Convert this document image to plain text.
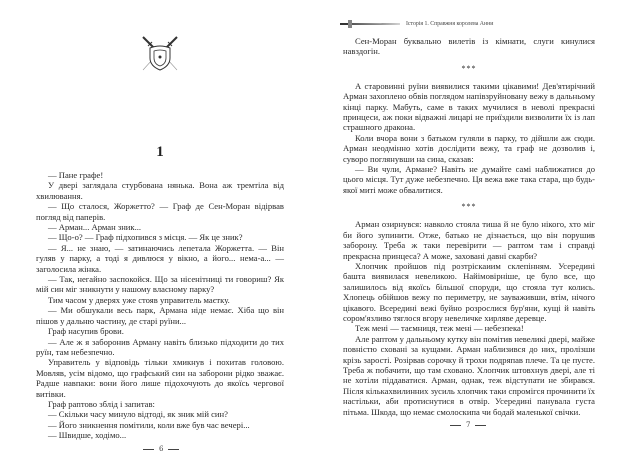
1

— Пане графе!

У двері заглядала стурбована нянька. Вона аж тремтіла від хвилювання.

— Що сталося, Жоржетто? — Граф де Сен-Моран відірвав погляд від паперів.

— Арман... Арман зник...

— Що-о? — Граф підхопився з місця. — Як це зник?

— Я... не знаю, — затинаючись лепетала Жоржетта. — Він гуляв у парку, а тоді я дивлюся у вікно, а його... нема-а... — заголосила жінка.

— Так, негайно заспокойся. Що за нісенітниці ти говориш? Як мій син міг зникнути у нашому власному парку?

Тим часом у дверях уже стояв управитель маєтку.

— Ми обшукали весь парк, Армана ніде немає. Хіба що він пішов у дальню частину, де старі руїни...

Граф насупив брови.

— Але ж я заборонив Арману навіть близько підходити до тих руїн, там небезпечно.

Управитель у відповідь тільки хмикнув і похитав головою. Мовляв, усім відомо, що графський син на заборони рідко зважає. Радше навпаки: вони його лише підохочують до якоїсь чергової витівки.

Граф раптово зблід і запитав:

— Скільки часу минуло відтоді, як зник мій син?

— Його зникнення помітили, коли вже був час вечері...

— Швидше, ходімо...

6
Історія 1. Справжня королева Анни

Сен-Моран буквально вилетів із кімнати, слуги кинулися навздогін.

***

А старовинні руїни виявилися такими цікавими! Дев'ятирічний Арман захоплено обвів поглядом напівзруйновану вежу в дальньому кінці парку. Мабуть, саме в таких мучилися в неволі прекрасні принцеси, аж поки відважні лицарі не приїздили визволити їх із лап страшного дракона.

Коли вчора вони з батьком гуляли в парку, то дійшли аж сюди. Арман неодмінно хотів дослідити вежу, та граф не дозволив і, суворо поглянувши на сина, сказав:

— Ви чули, Армане? Навіть не думайте самі наближатися до цього місця. Тут дуже небезпечно. Ця вежа вже така стара, що будь-якої миті може обвалитися.

***

Арман озирнувся: навколо стояла тиша й не було нікого, хто міг би його зупинити. Отже, батько не дізнається, що він порушив заборону. Треба ж таки перевірити — раптом там і справді прекрасна принцеса? А може, заховані давні скарби?

Хлопчик пройшов під розтріскаиим склепінням. Усередині башта виявилася невеликою. Найімовірніше, це було все, що залишилось від якоїсь більшої споруди, що стояла тут колись. Хлопець обійшов вежу по периметру, не зауваживши, втім, нічого цікавого. Всередині вежі буйно розрослися бур'яни, кущі й навіть сором'язливо тяглося вгору невеличке хирляве деревце.

Теж мені — таємниця, теж мені — небезпека!

Але раптом у дальньому кутку він помітив невеликі двері, майже повністю сховані за кущами. Арман наблизився до них, пролізши крізь зарості. Розірвав сорочку й трохи подряпав плече. Та це пусте. Треба ж побачити, що там сховано. Хлопчик штовхнув двері, але ті не хотіли піддаватися. Арман, однак, теж відступати не збирався. Після кількахвилинних зусиль хлопчик таки спромігся прочинити їх настільки, аби протиснутися в отвір. Усередині панувала густа пітьма. Шкода, що немає смолоскипа чи бодай маленької свічки.

7
